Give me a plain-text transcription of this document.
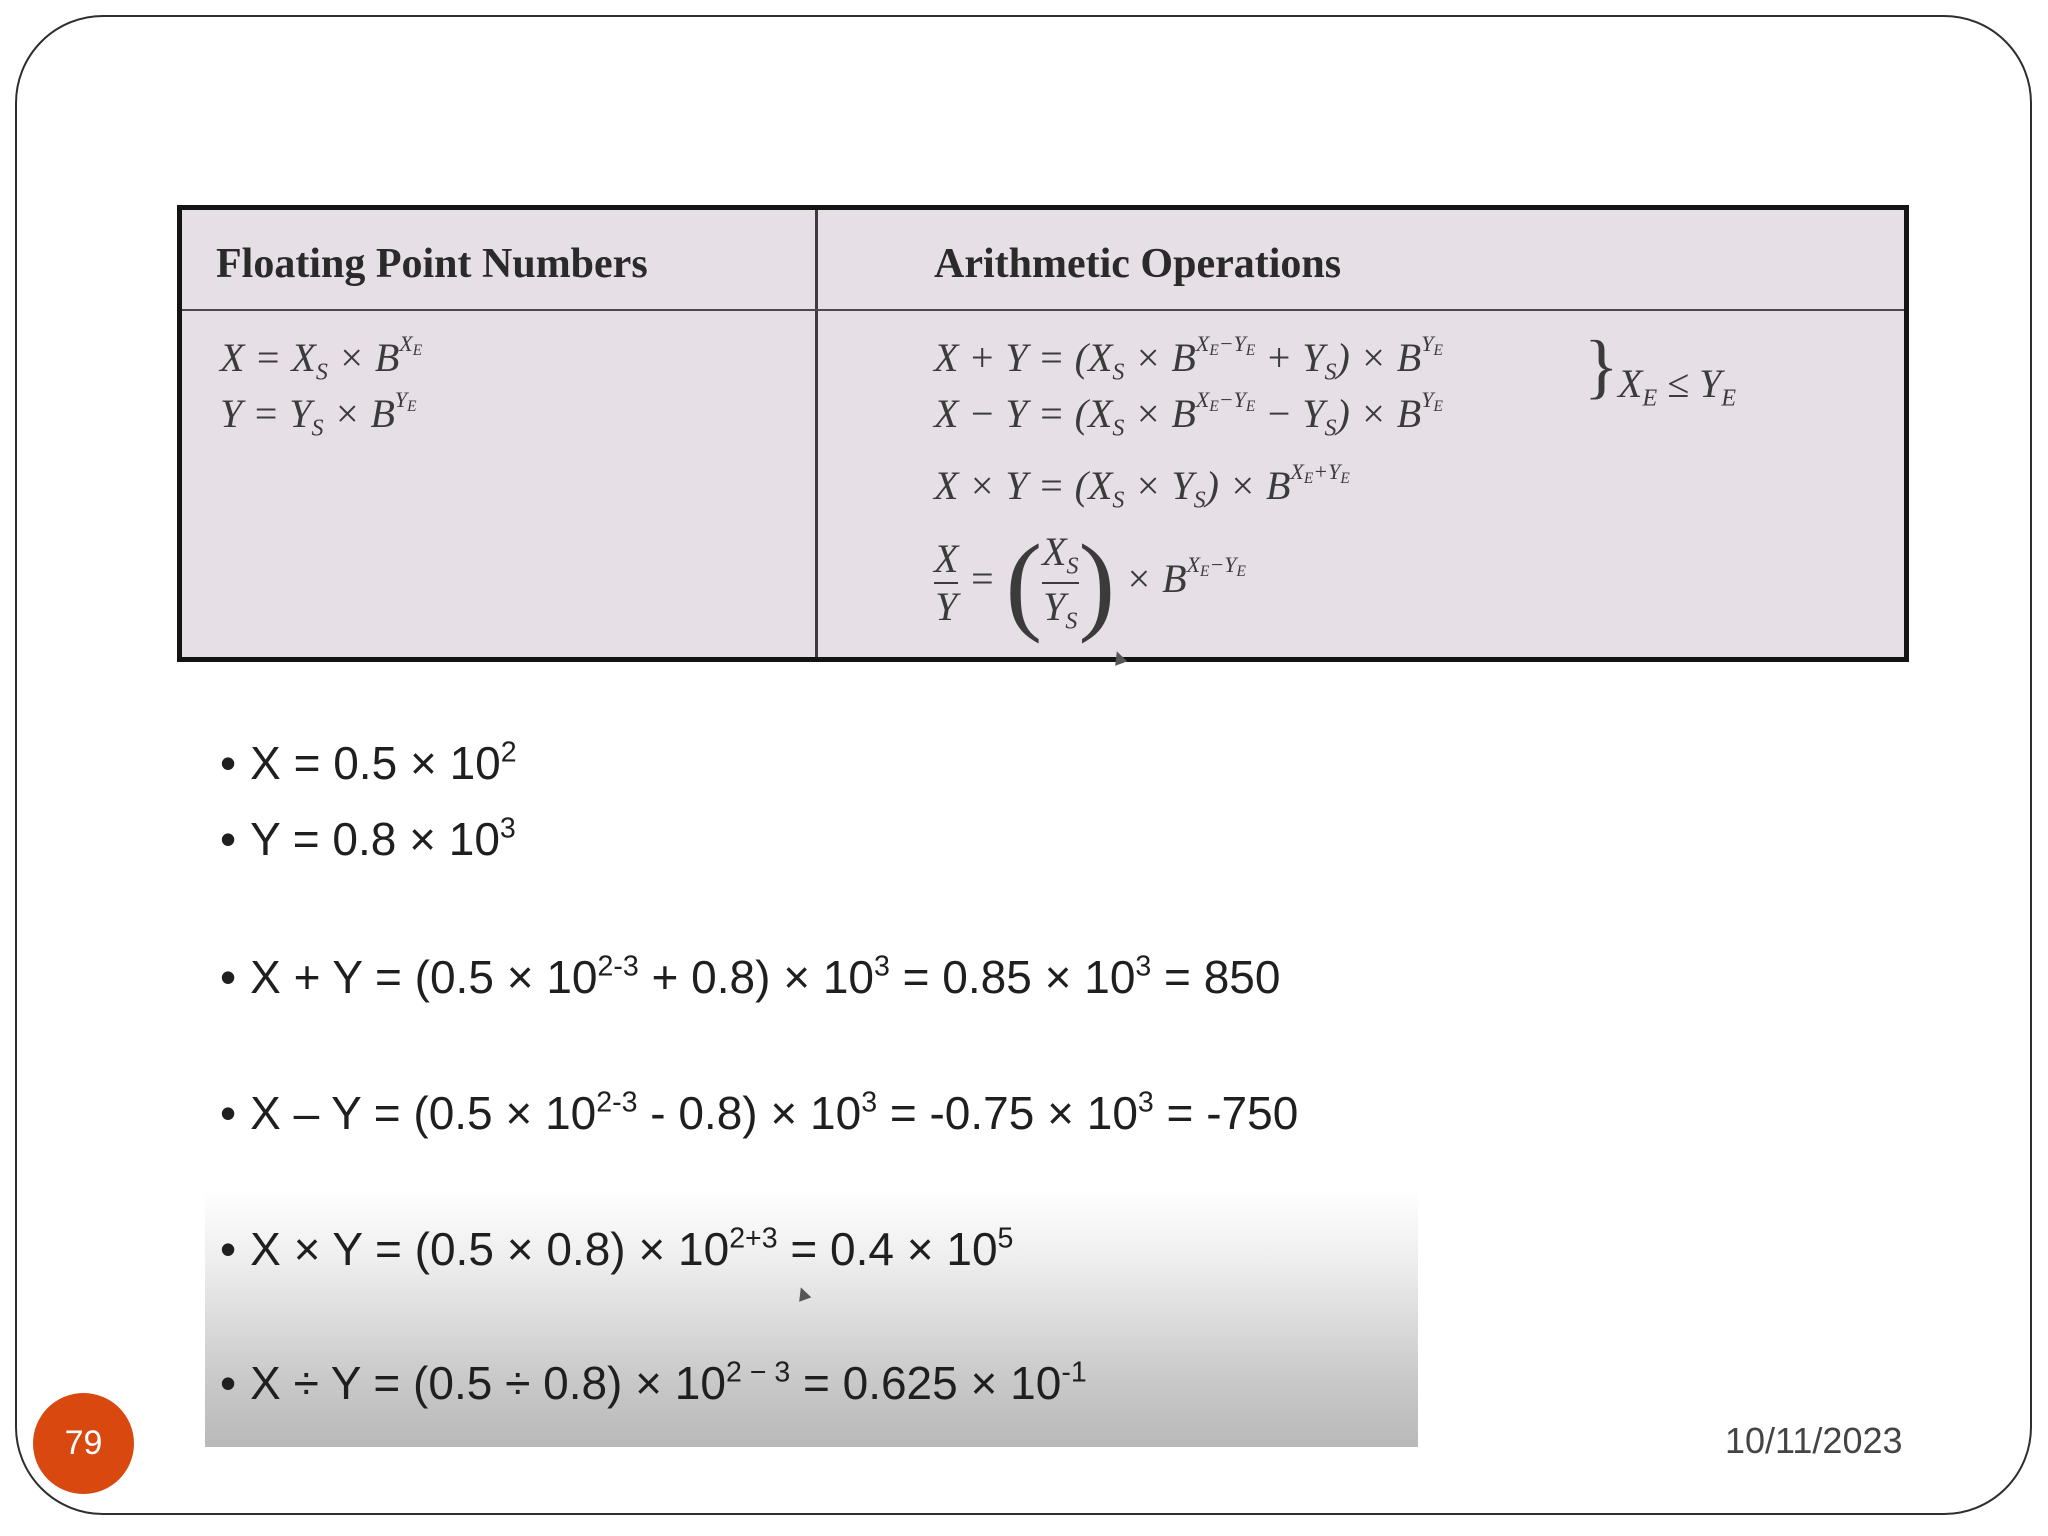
Floating Point Numbers	Arithmetic Operations
$X = X_S \times B^{XE}$
$Y = Y_S \times B^{YE}$
$X + Y = (X_S \times B^{XE-YE} + Y_S) \times B^{YE}$
$X - Y = (X_S \times B^{XE-YE} - Y_S) \times B^{YE}$
} $X_E \le Y_E$
$X \times Y = (X_S \times Y_S) \times B^{XE+YE}$
$\frac{X}{Y}$ = ( $\frac{X_S}{Y_S}$ ) × $B^{XE-YE}$
▲
• $X = 0.5 \times 10^2$
• $Y = 0.8 \times 10^3$
• $X + Y = (0.5 \times 10^{2-3} + 0.8) \times 10^3 = 0.85 \times 10^3 = 850$
• $X - Y = (0.5 \times 10^{2-3} - 0.8) \times 10^3 = -0.75 \times 10^3 = -750$
• $X \times Y = (0.5 \times 0.8) \times 10^{2+3} = 0.4 \times 10^5$
• $X \div Y = (0.5 \div 0.8) \times 10^{2 - 3} = 0.625 \times 10^{-1}$
▲
79	10/11/2023
